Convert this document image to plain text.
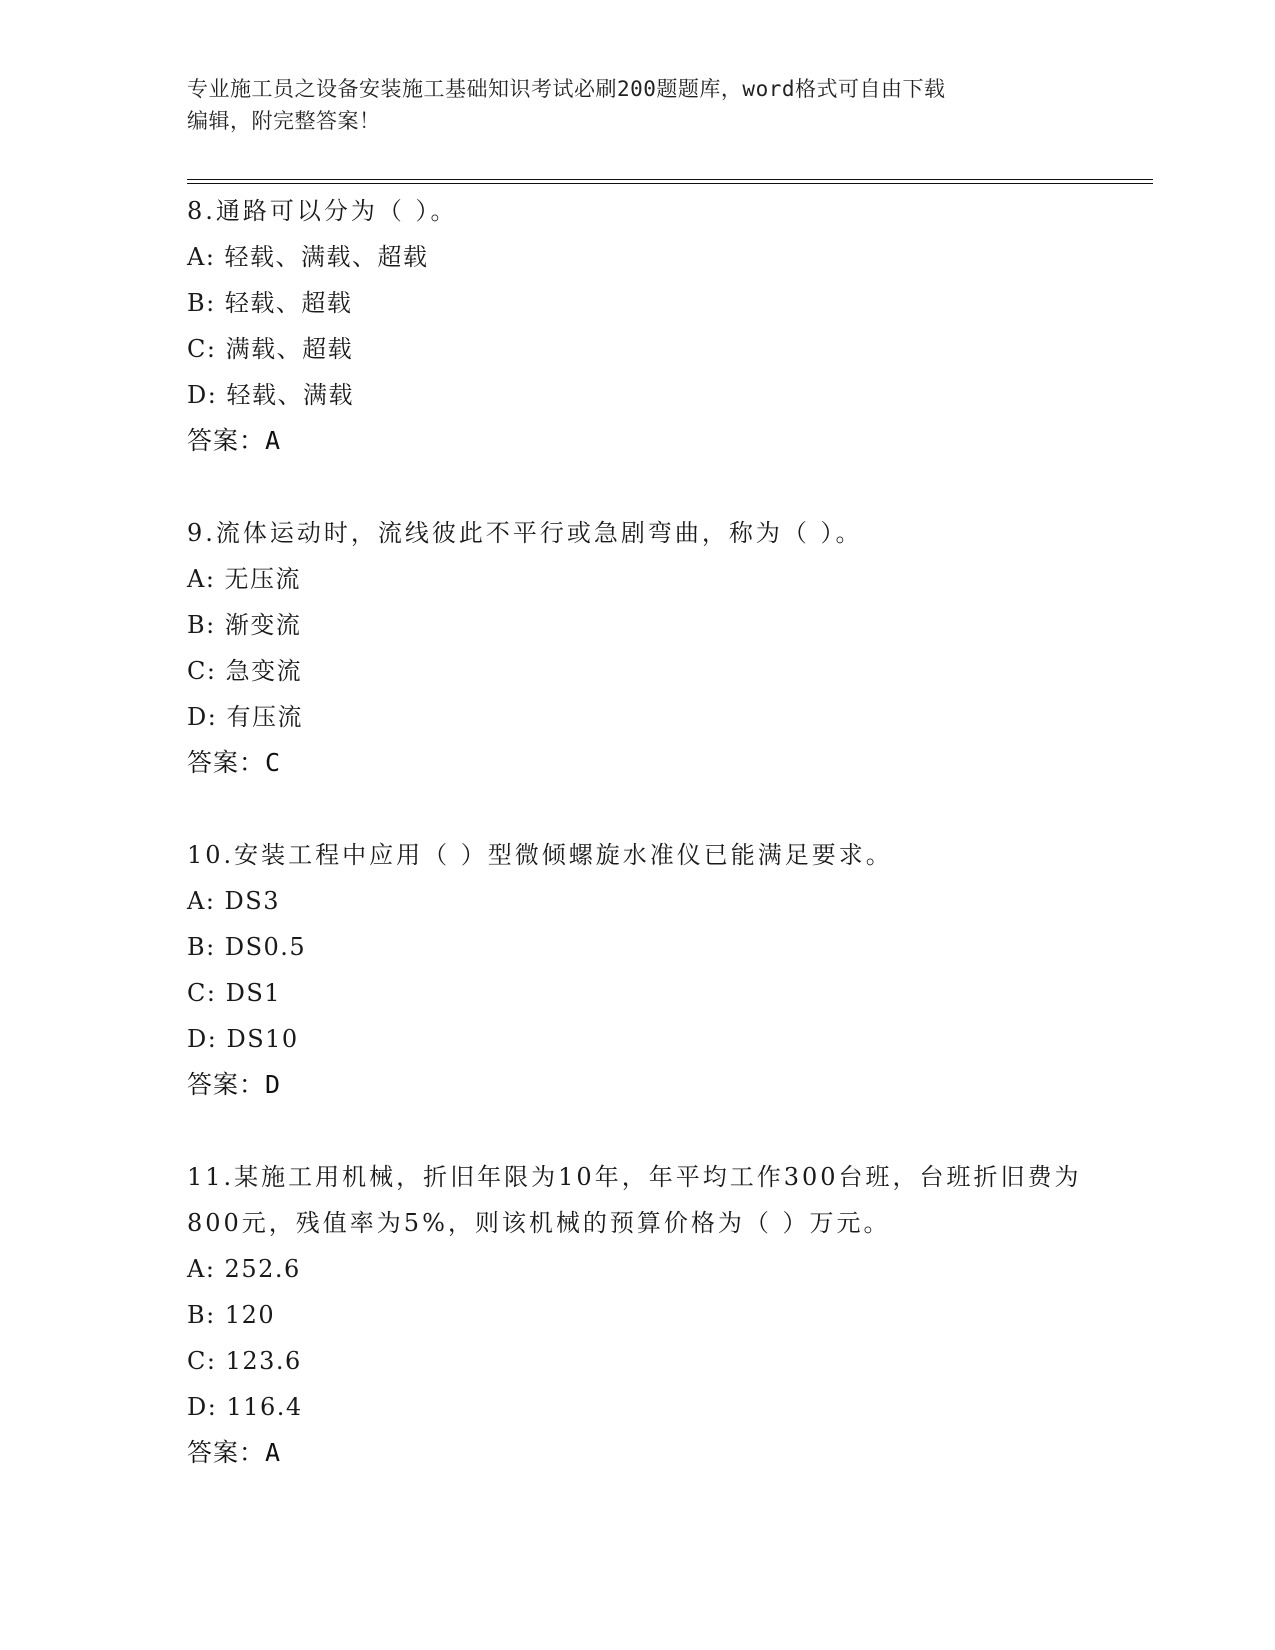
专业施工员之设备安装施工基础知识考试必刷200题题库，word格式可自由下载
编辑，附完整答案！
8.通路可以分为（ ）。
A: 轻载、满载、超载
B: 轻载、超载
C: 满载、超载
D: 轻载、满载
答案：A
9.流体运动时，流线彼此不平行或急剧弯曲，称为（ ）。
A: 无压流
B: 渐变流
C: 急变流
D: 有压流
答案：C
10.安装工程中应用（ ）型微倾螺旋水准仪已能满足要求。
A: DS3
B: DS0.5
C: DS1
D: DS10
答案：D
11.某施工用机械，折旧年限为10年，年平均工作300台班，台班折旧费为800元，残值率为5%，则该机械的预算价格为（ ）万元。
A: 252.6
B: 120
C: 123.6
D: 116.4
答案：A
